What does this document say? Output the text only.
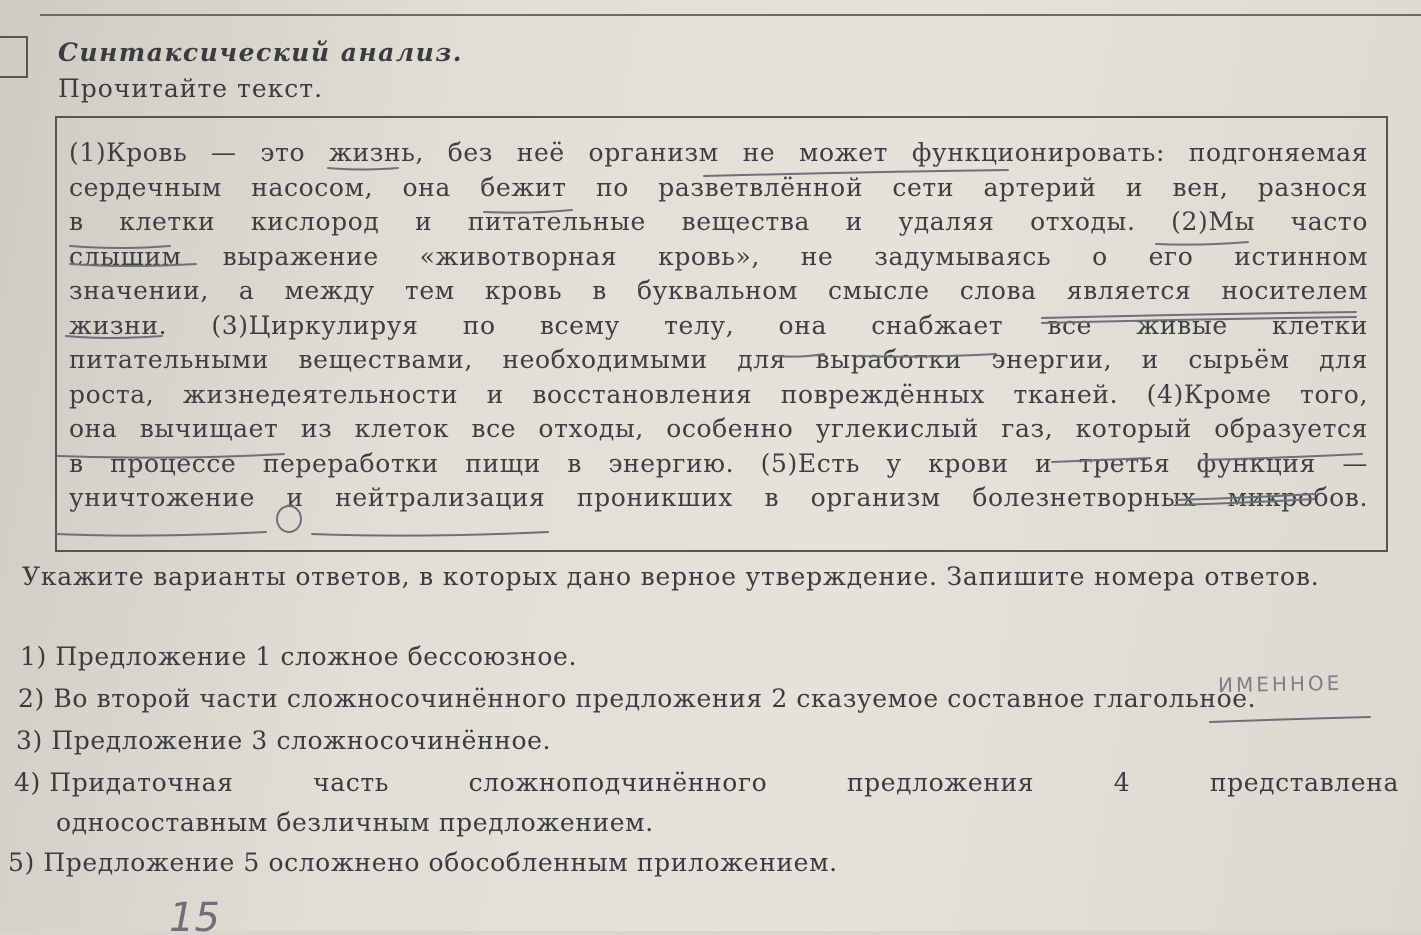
Синтаксический анализ.
Прочитайте текст.
(1)Кровь — это жизнь, без неё организм не может функционировать: подгоняемая
сердечным насосом, она бежит по разветвлённой сети артерий и вен, разнося
в клетки кислород и питательные вещества и удаляя отходы. (2)Мы часто
слышим выражение «животворная кровь», не задумываясь о его истинном
значении, а между тем кровь в буквальном смысле слова является носителем
жизни. (3)Циркулируя по всему телу, она снабжает все живые клетки
питательными веществами, необходимыми для выработки энергии, и сырьём для
роста, жизнедеятельности и восстановления повреждённых тканей. (4)Кроме того,
она вычищает из клеток все отходы, особенно углекислый газ, который образуется
в процессе переработки пищи в энергию. (5)Есть у крови и третья функция —
уничтожение и нейтрализация проникших в организм болезнетворных микробов.
Укажите варианты ответов, в которых дано верное утверждение. Запишите номера ответов.
1) Предложение 1 сложное бессоюзное.
2) Во второй части сложносочинённого предложения 2 сказуемое составное глагольное.
3) Предложение 3 сложносочинённое.
4) Придаточная	часть	сложноподчинённого	предложения	4	представлена
односоставным безличным предложением.
5) Предложение 5 осложнено обособленным приложением.
ИМЕННОЕ
15
